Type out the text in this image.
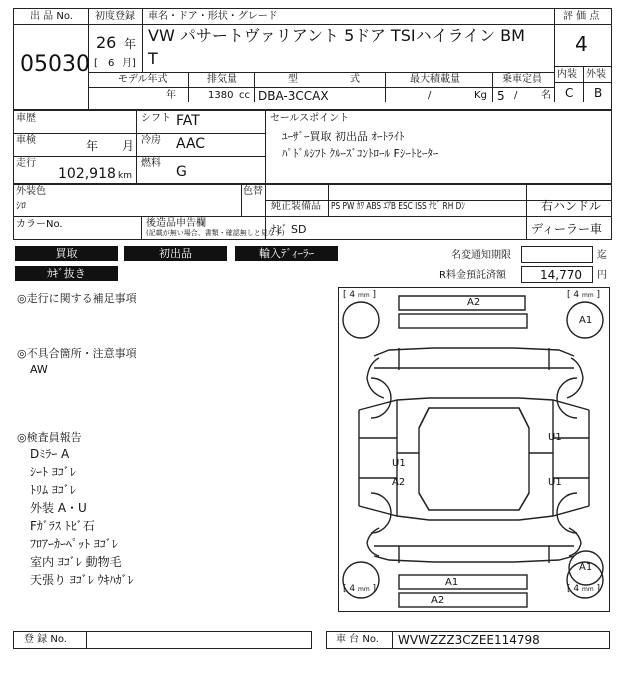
出 品 No.
05030
初度登録
26 年
[ 6 月]
車名・ドア・形状・グレード
VW パサートヴァリアント 5ドア TSIハイライン BM
T
評 価 点
4
内装 外装
C B
モデル年式
年
排気量
1380 cc
型	式
DBA-3CCAX
最大積載量
/	Kg
乗車定員
5 / 名
車歴
車検	年 月
走行
102,918 km
シフト FAT
冷房 AAC
燃料
G
セールスポイント
ﾕｰｻﾞｰ買取 初出品 ｵｰﾄﾗｲﾄ
ﾊﾟﾄﾞﾙｼﾌﾄ ｸﾙｰｽﾞｺﾝﾄﾛｰﾙ Fｼｰﾄﾋｰﾀｰ
外装色
ｼﾛ
色替
カラーNo.
純正装備品 PS PW ｶﾜ ABS ｴｱB ESC ISS ﾅﾋﾞ RH Dﾝ	右ハンドル
後造品申告欄
(記載が無い場合、書類・確認無しと見なす)
ﾅﾋﾞ SD	ディーラー車
買取	初出品	輸入ﾃﾞｨｰﾗｰ
ｶｷﾞ抜き
名変通知期限	迄
R料金預託済額	14,770 円
◎走行に関する補足事項
◎不具合箇所・注意事項
AW
◎検査員報告
Dﾐﾗｰ A
ｼｰﾄ ﾖｺﾞﾚ
ﾄﾘﾑ ﾖｺﾞﾚ
外装 A・U
Fｶﾞﾗｽ ﾄﾋﾞ石
ﾌﾛｱｰｶｰﾍﾟｯﾄ ﾖｺﾞﾚ
室内 ﾖｺﾞﾚ 動物毛
天張り ﾖｺﾞﾚ ｳｷﾊｶﾞﾚ
[ 4 mm ]	[ 4 mm ]
[ 4 mm ]	[ 4 mm ]
A2
A1
U1
U1
U1
A2
A1
A2
A1
登 録 No.	車 台 No. WVWZZZ3CZEE114798
